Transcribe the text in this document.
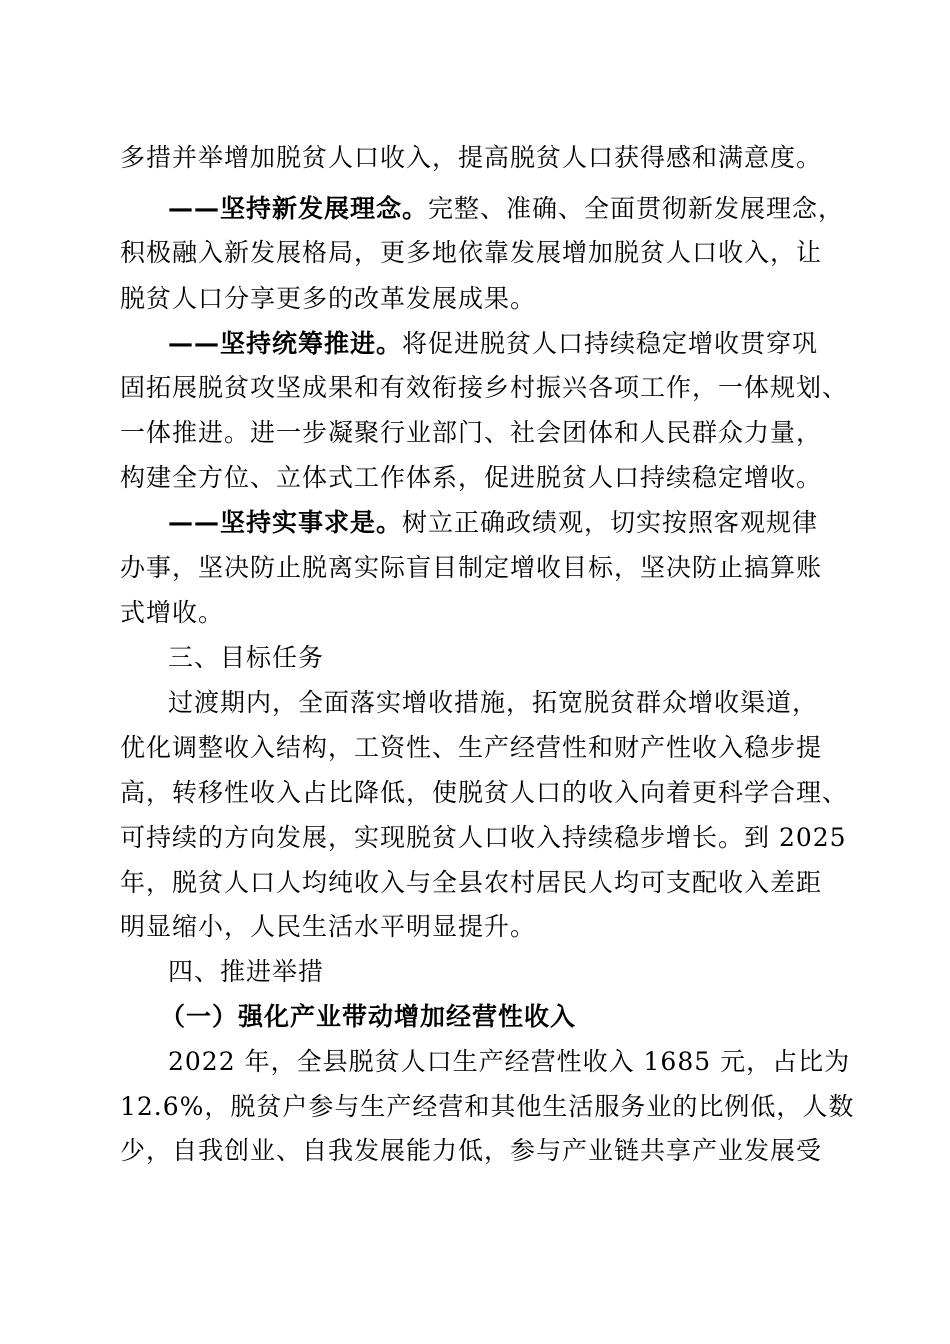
多措并举增加脱贫人口收入，提高脱贫人口获得感和满意度。
——坚持新发展理念。完整、准确、全面贯彻新发展理念，
积极融入新发展格局，更多地依靠发展增加脱贫人口收入，让
脱贫人口分享更多的改革发展成果。
——坚持统筹推进。将促进脱贫人口持续稳定增收贯穿巩
固拓展脱贫攻坚成果和有效衔接乡村振兴各项工作，一体规划、
一体推进。进一步凝聚行业部门、社会团体和人民群众力量，
构建全方位、立体式工作体系，促进脱贫人口持续稳定增收。
——坚持实事求是。树立正确政绩观，切实按照客观规律
办事，坚决防止脱离实际盲目制定增收目标，坚决防止搞算账
式增收。
三、目标任务
过渡期内，全面落实增收措施，拓宽脱贫群众增收渠道，
优化调整收入结构，工资性、生产经营性和财产性收入稳步提
高，转移性收入占比降低，使脱贫人口的收入向着更科学合理、
可持续的方向发展，实现脱贫人口收入持续稳步增长。到 2025
年，脱贫人口人均纯收入与全县农村居民人均可支配收入差距
明显缩小，人民生活水平明显提升。
四、推进举措
（一）强化产业带动增加经营性收入
2022 年，全县脱贫人口生产经营性收入 1685 元，占比为
12.6%，脱贫户参与生产经营和其他生活服务业的比例低，人数
少，自我创业、自我发展能力低，参与产业链共享产业发展受
